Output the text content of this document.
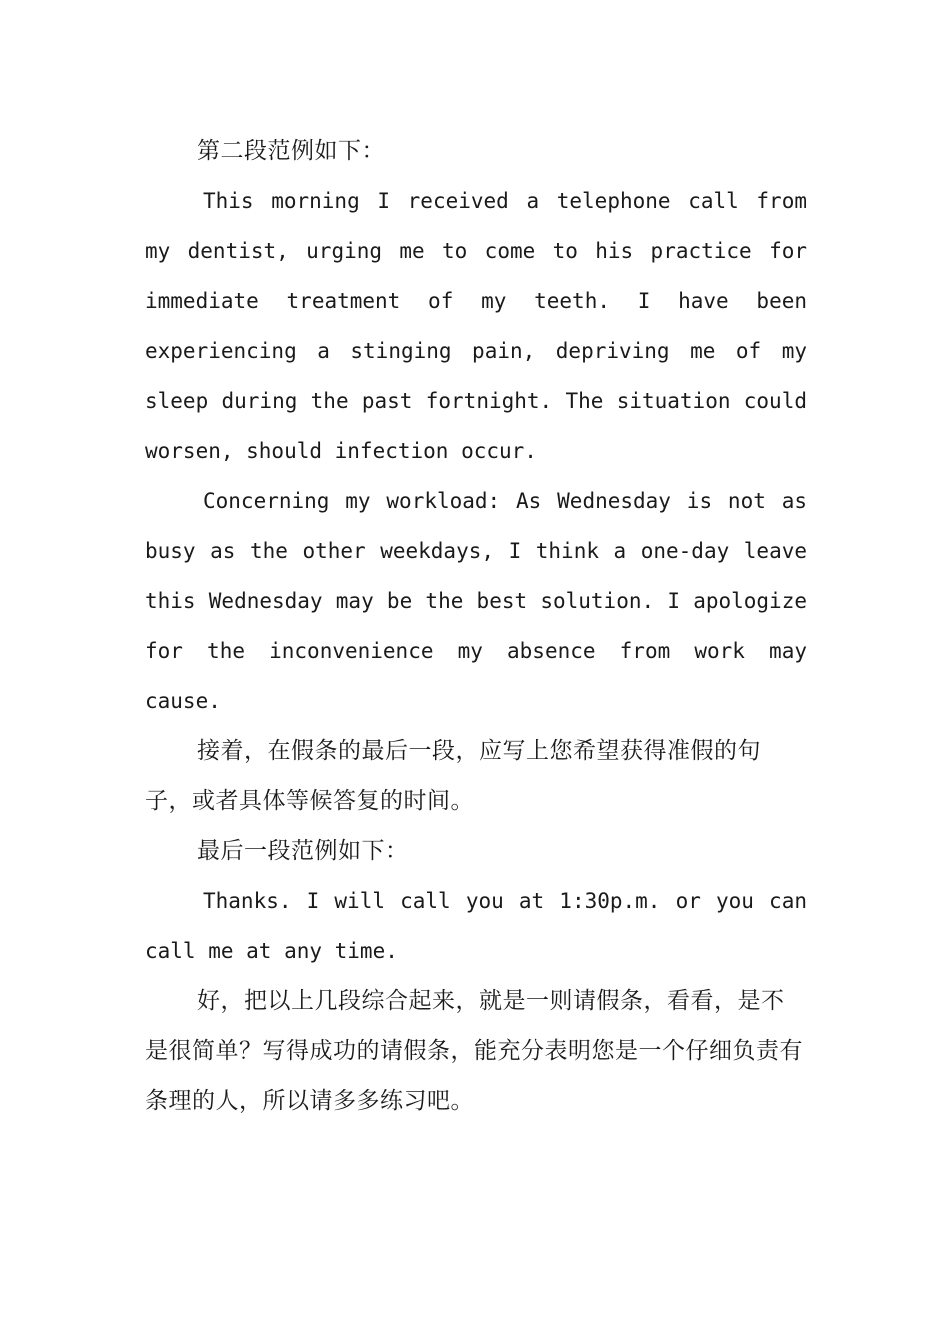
第二段范例如下：

This morning I received a telephone call from my dentist, urging me to come to his practice for immediate treatment of my teeth. I have been experiencing a stinging pain, depriving me of my sleep during the past fortnight. The situation could worsen, should infection occur.

Concerning my workload: As Wednesday is not as busy as the other weekdays, I think a one-day leave this Wednesday may be the best solution. I apologize for the inconvenience my absence from work may cause.

接着，在假条的最后一段，应写上您希望获得准假的句子，或者具体等候答复的时间。

最后一段范例如下：

Thanks. I will call you at 1:30p.m. or you can call me at any time.

好，把以上几段综合起来，就是一则请假条，看看，是不是很简单？写得成功的请假条，能充分表明您是一个仔细负责有条理的人，所以请多多练习吧。
